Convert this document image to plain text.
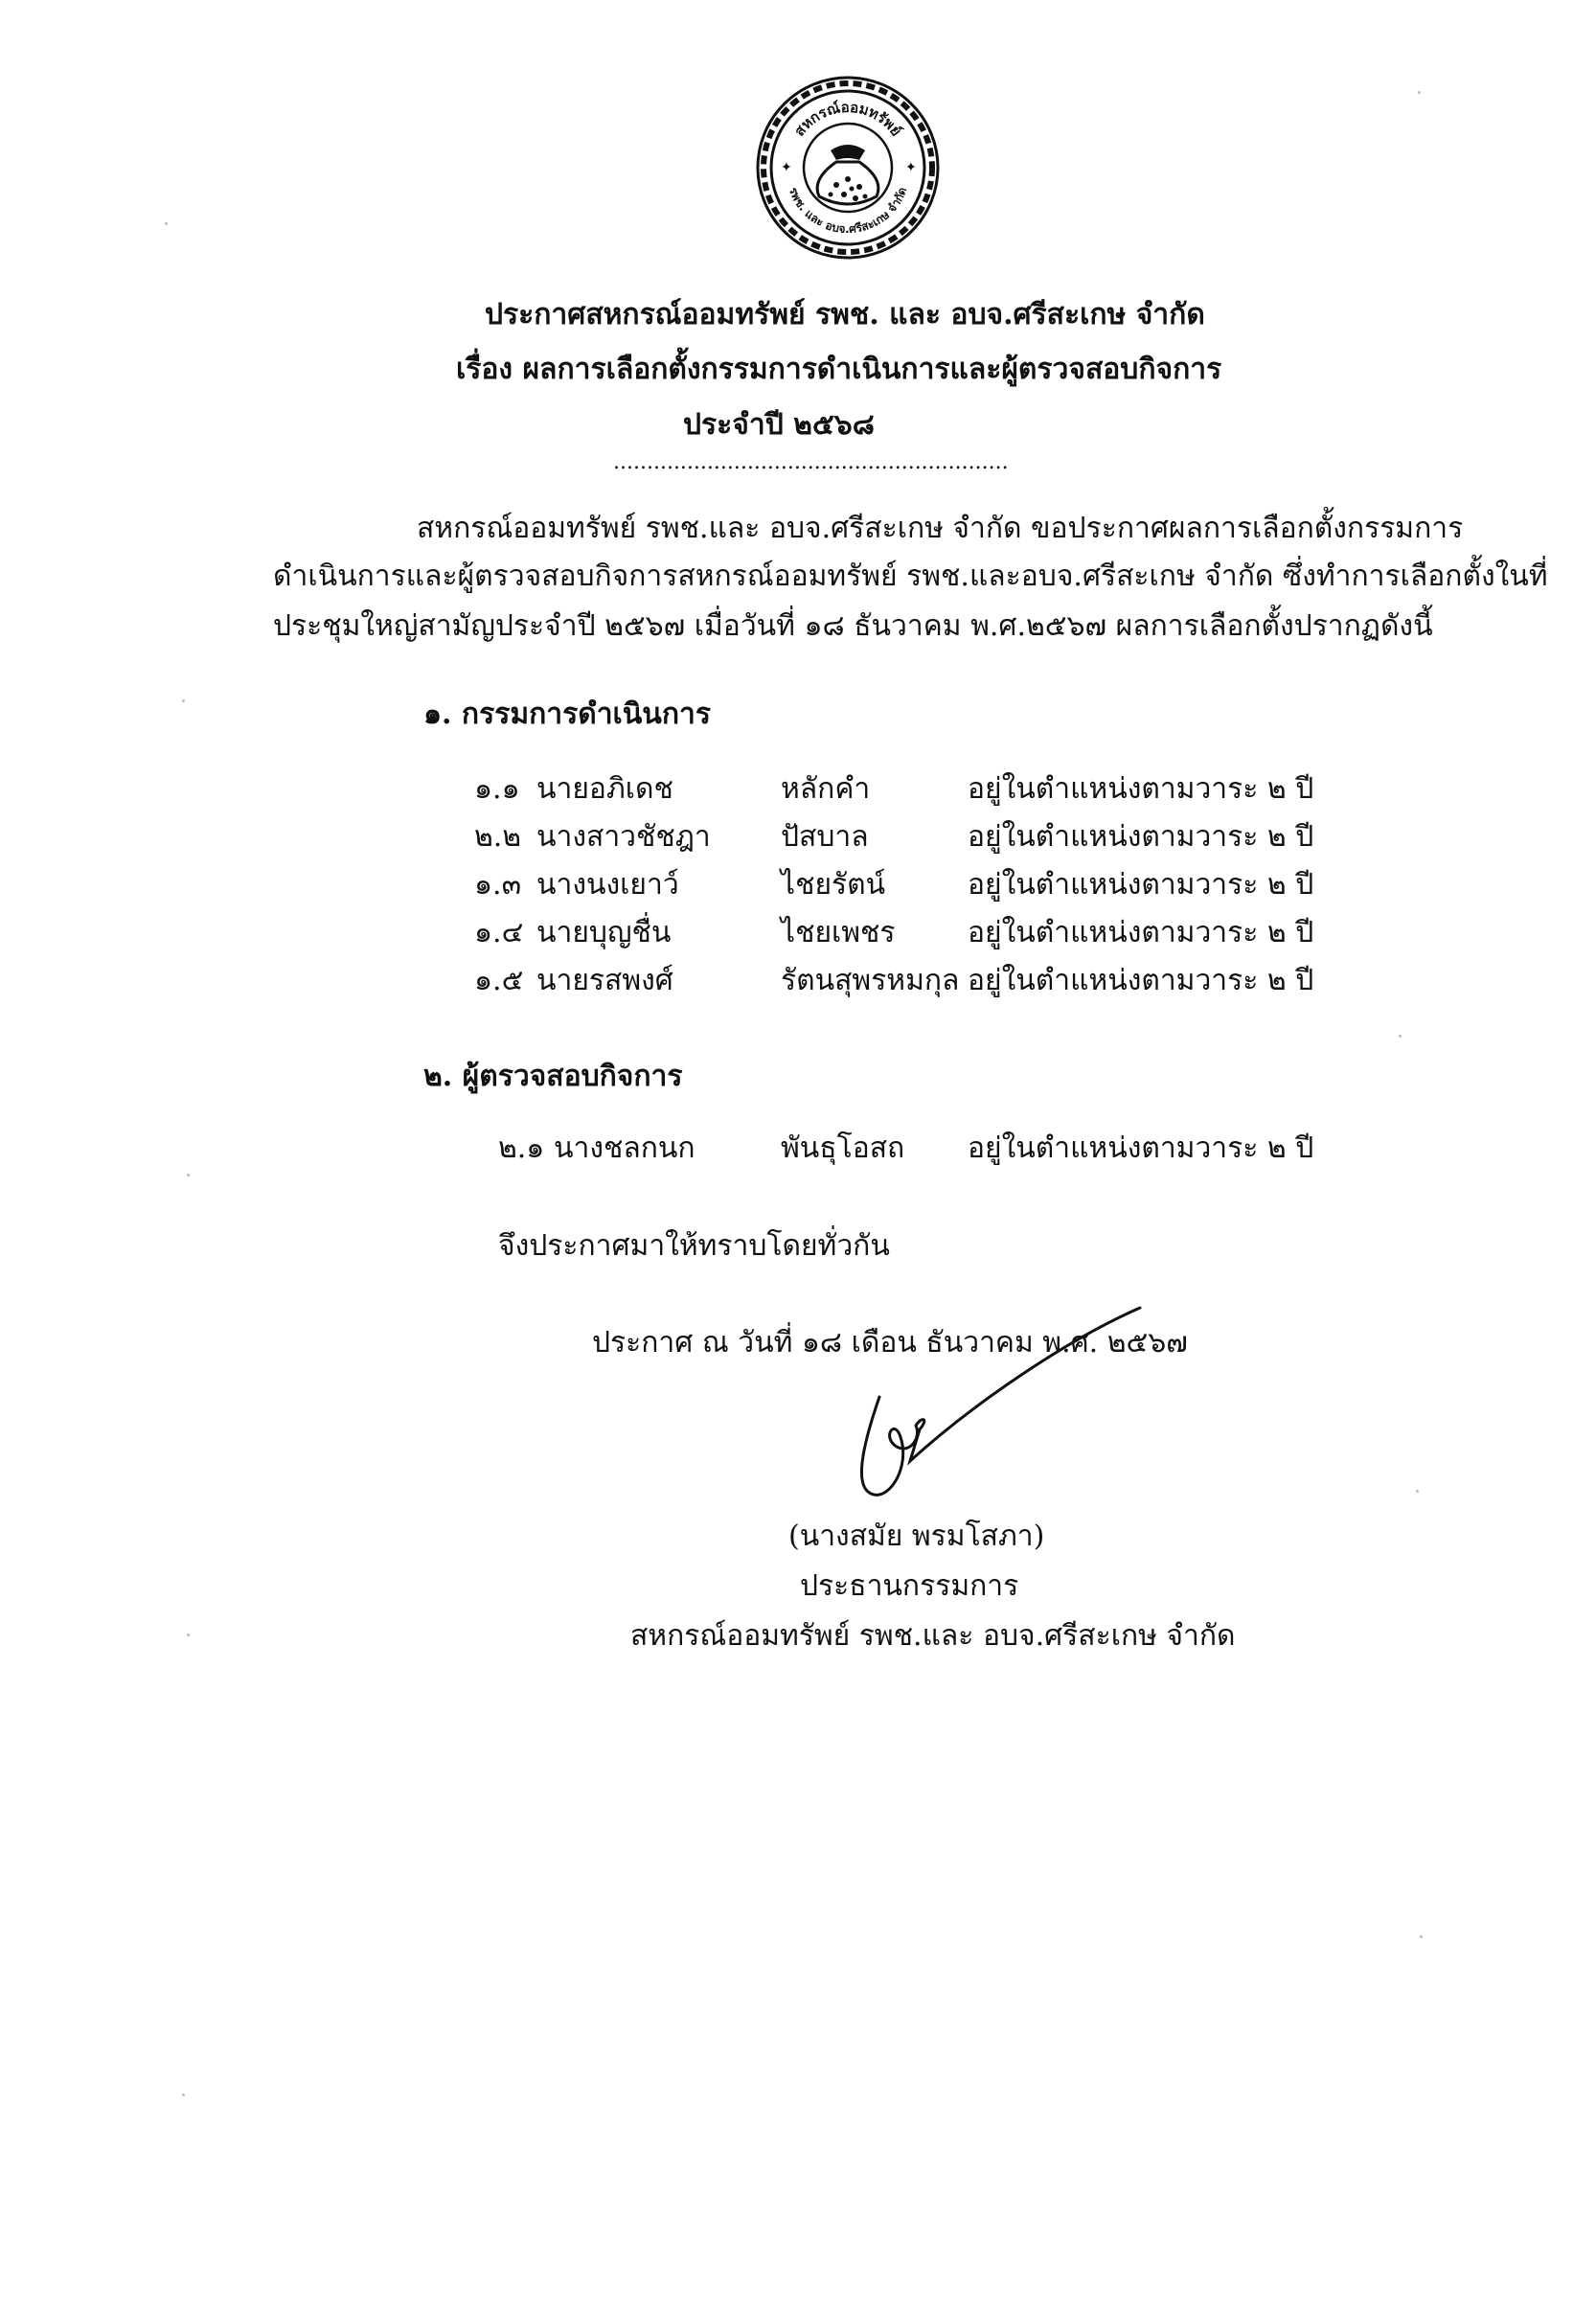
สหกรณ์ออมทรัพย์
รพช. และ อบจ.ศรีสะเกษ จำกัด
✦	✦
ประกาศสหกรณ์ออมทรัพย์ รพช. และ อบจ.ศรีสะเกษ จำกัด
เรื่อง ผลการเลือกตั้งกรรมการดำเนินการและผู้ตรวจสอบกิจการ
ประจำปี ๒๕๖๘
...........................................................
สหกรณ์ออมทรัพย์ รพช.และ อบจ.ศรีสะเกษ จำกัด ขอประกาศผลการเลือกตั้งกรรมการ
ดำเนินการและผู้ตรวจสอบกิจการสหกรณ์ออมทรัพย์ รพช.และอบจ.ศรีสะเกษ จำกัด ซึ่งทำการเลือกตั้งในที่
ประชุมใหญ่สามัญประจำปี ๒๕๖๗ เมื่อวันที่ ๑๘ ธันวาคม พ.ศ.๒๕๖๗ ผลการเลือกตั้งปรากฏดังนี้
๑. กรรมการดำเนินการ
๑.๑ นายอภิเดช	หลักคำ	อยู่ในตำแหน่งตามวาระ ๒ ปี
๒.๒ นางสาวชัชฎา ปัสบาล	อยู่ในตำแหน่งตามวาระ ๒ ปี
๑.๓ นางนงเยาว์	ไชยรัตน์	อยู่ในตำแหน่งตามวาระ ๒ ปี
๑.๔ นายบุญชื่น	ไชยเพชร	อยู่ในตำแหน่งตามวาระ ๒ ปี
๑.๕ นายรสพงศ์	รัตนสุพรหมกุล อยู่ในตำแหน่งตามวาระ ๒ ปี
๒. ผู้ตรวจสอบกิจการ
๒.๑ นางชลกนก	พันธุโอสถ อยู่ในตำแหน่งตามวาระ ๒ ปี
จึงประกาศมาให้ทราบโดยทั่วกัน
ประกาศ ณ วันที่ ๑๘ เดือน ธันวาคม พ.ศ. ๒๕๖๗
(นางสมัย พรมโสภา)
ประธานกรรมการ
สหกรณ์ออมทรัพย์ รพช.และ อบจ.ศรีสะเกษ จำกัด
